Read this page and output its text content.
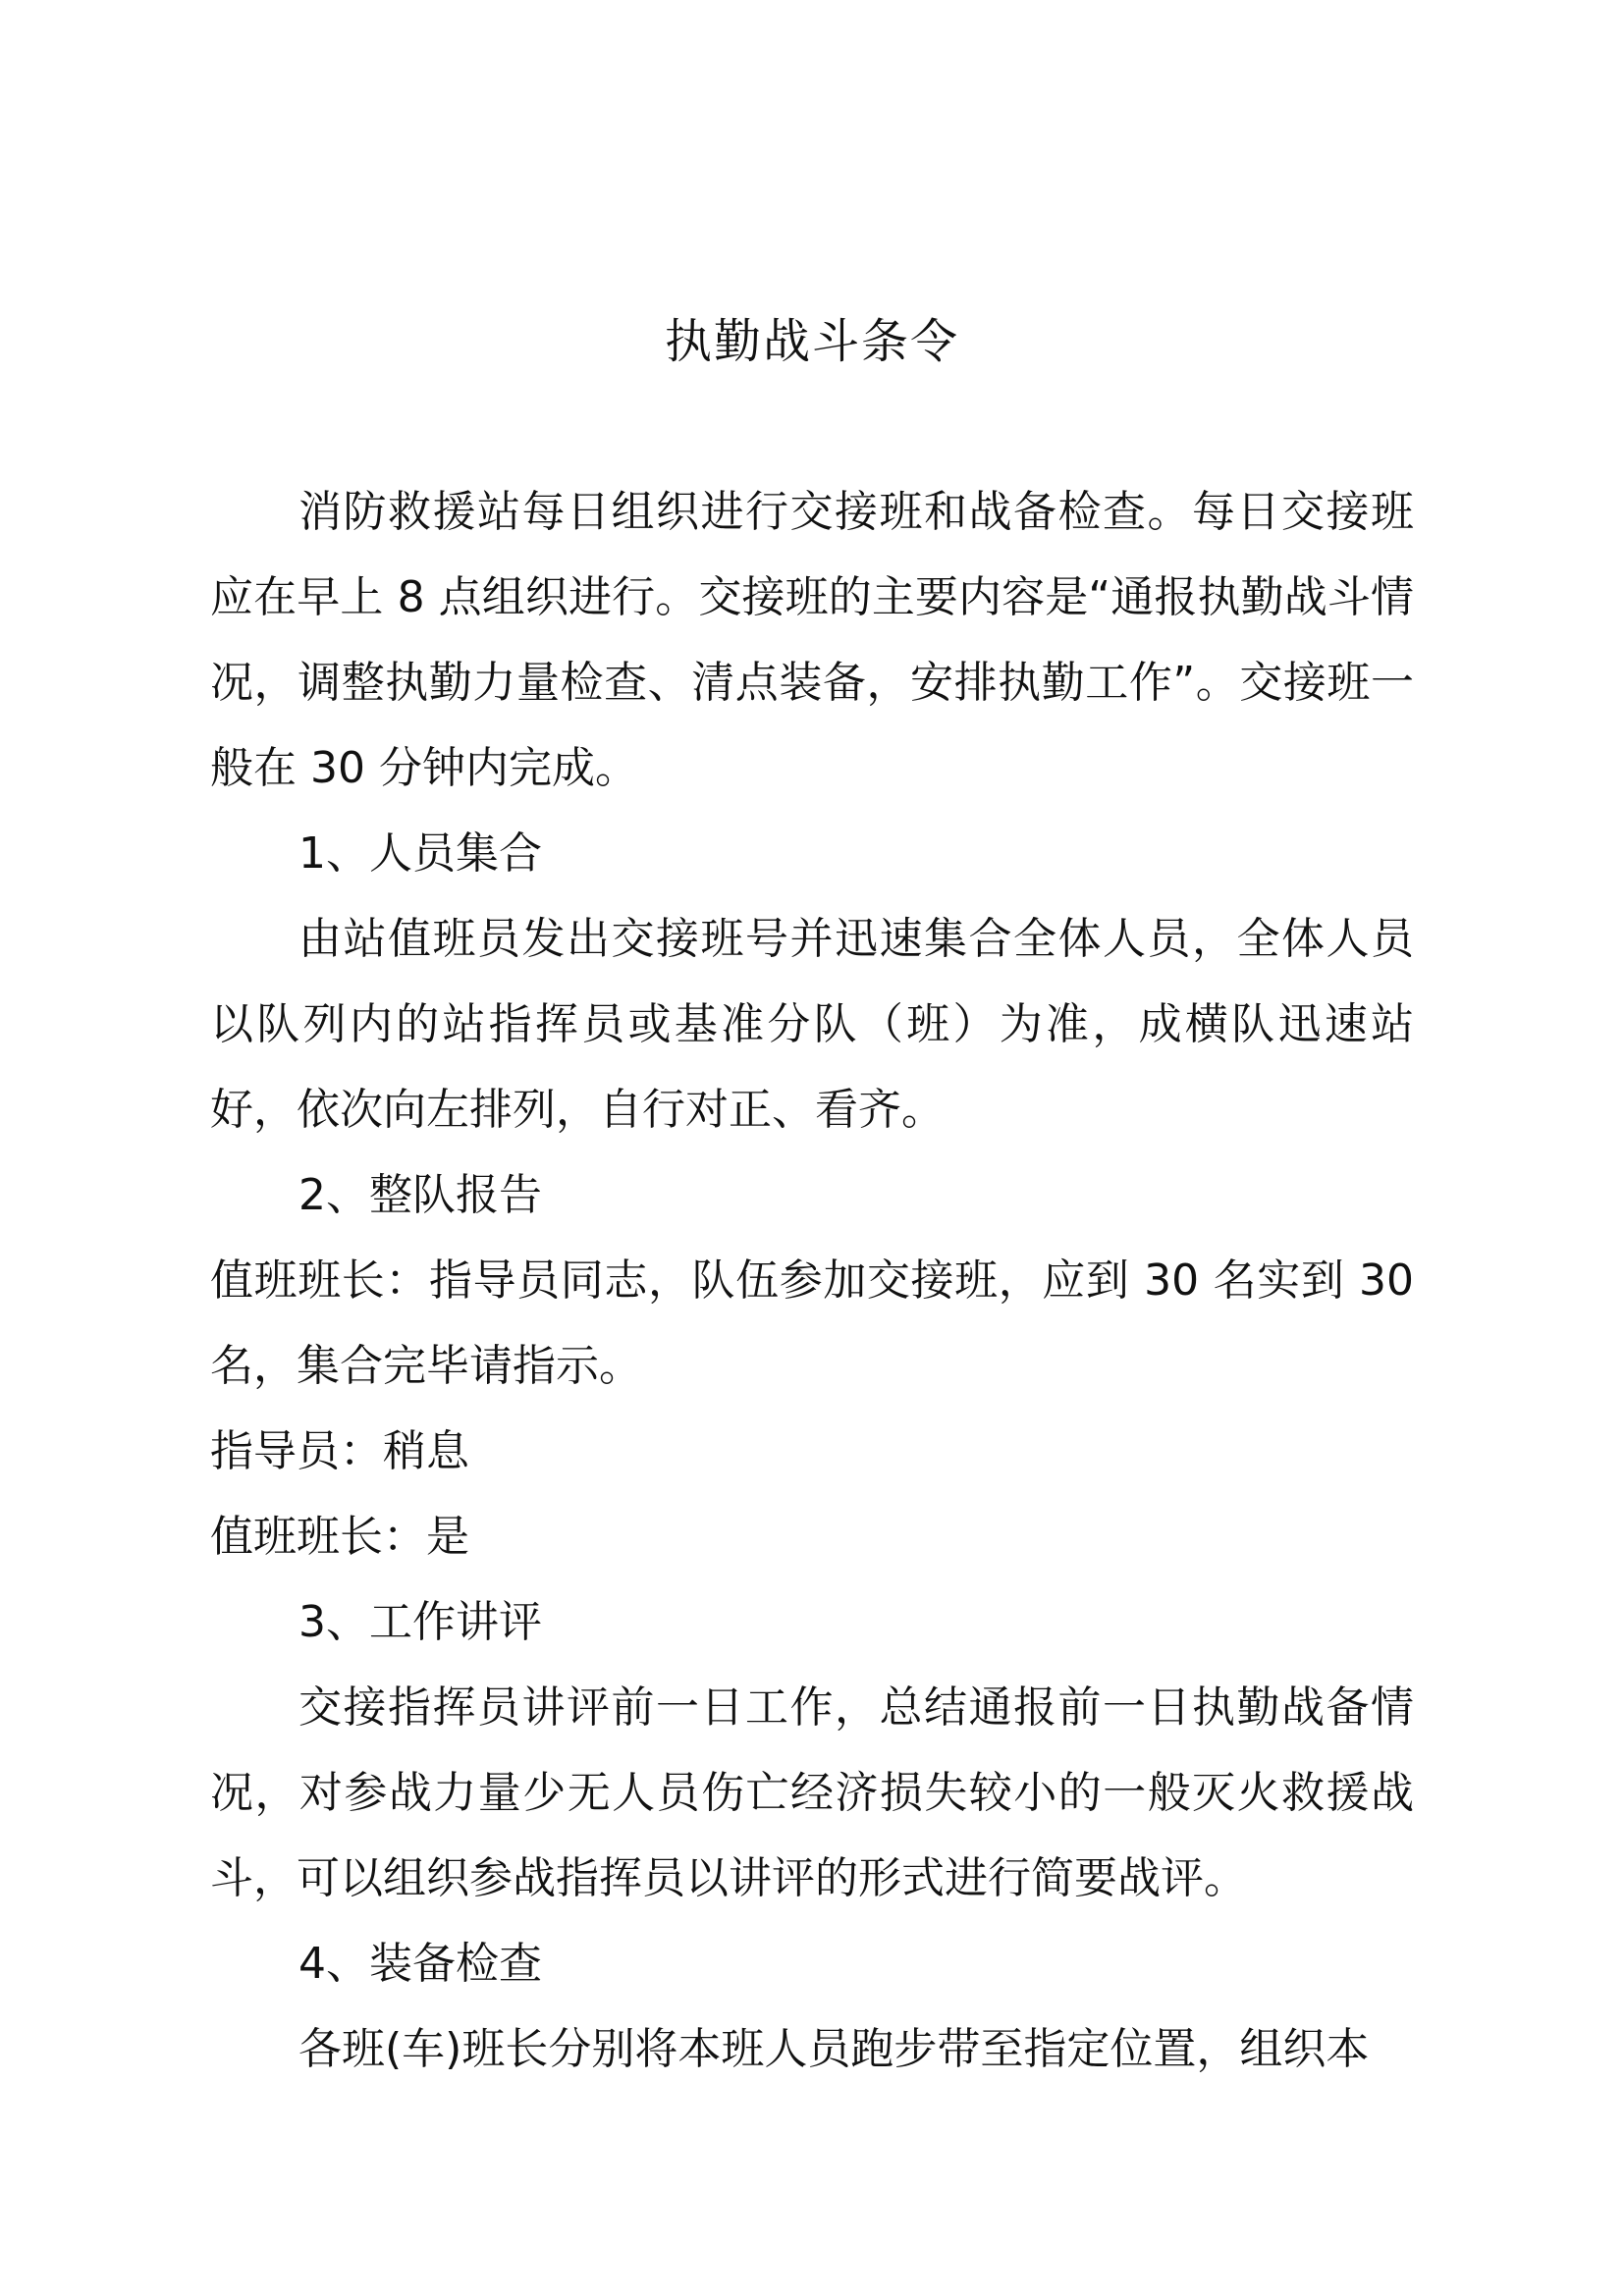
执勤战斗条令

消防救援站每日组织进行交接班和战备检查。每日交接班应在早上 8 点组织进行。交接班的主要内容是“通报执勤战斗情况，调整执勤力量检查、清点装备，安排执勤工作”。交接班一般在 30 分钟内完成。

1、人员集合

由站值班员发出交接班号并迅速集合全体人员，全体人员以队列内的站指挥员或基准分队（班）为准，成横队迅速站好，依次向左排列，自行对正、看齐。

2、整队报告

值班班长：指导员同志，队伍参加交接班，应到 30 名实到 30 名，集合完毕请指示。

指导员：稍息

值班班长：是

3、工作讲评

交接指挥员讲评前一日工作，总结通报前一日执勤战备情况，对参战力量少无人员伤亡经济损失较小的一般灭火救援战斗，可以组织参战指挥员以讲评的形式进行简要战评。

4、装备检查

各班(车)班长分别将本班人员跑步带至指定位置，组织本
